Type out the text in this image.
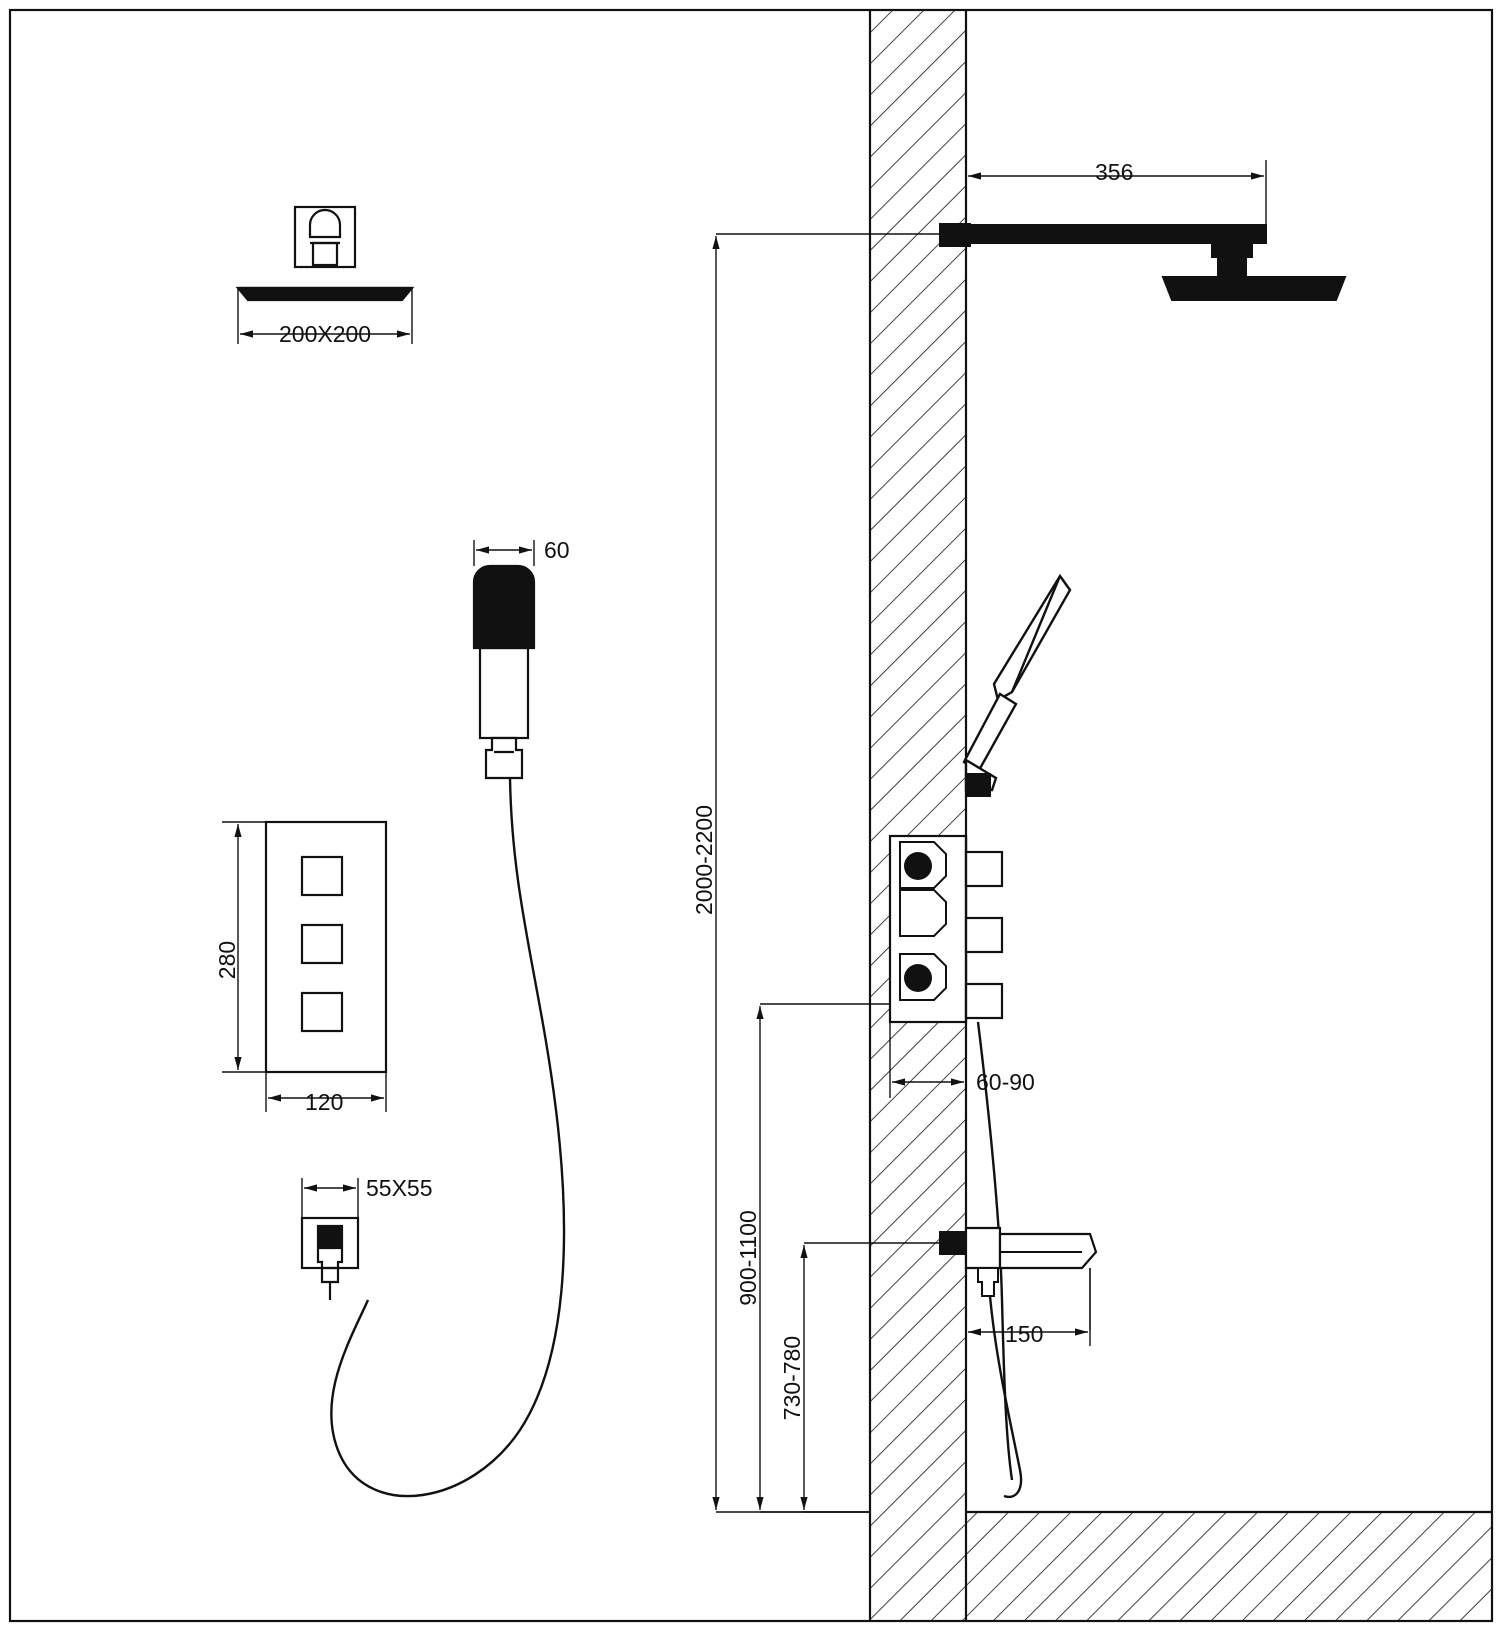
200X200
60
280
120
55X55
356
2000-2200
900-1100
730-780
60-90
150
